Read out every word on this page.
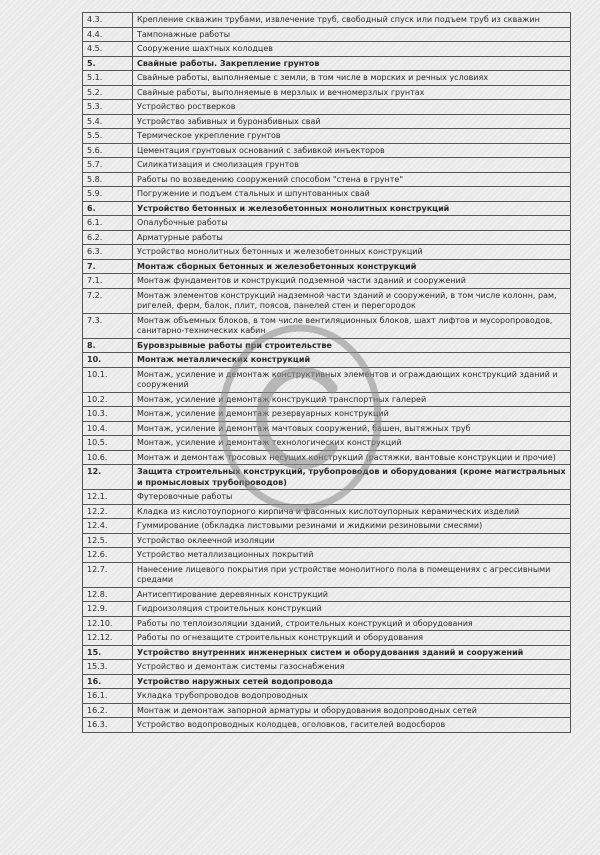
4.3.	Крепление скважин трубами, извлечение труб, свободный спуск или подъем труб из скважин
4.4.	Тампонажные работы
4.5.	Сооружение шахтных колодцев
5.	Свайные работы. Закрепление грунтов
5.1.	Свайные работы, выполняемые с земли, в том числе в морских и речных условиях
5.2.	Свайные работы, выполняемые в мерзлых и вечномерзлых грунтах
5.3.	Устройство ростверков
5.4.	Устройство забивных и буронабивных свай
5.5.	Термическое укрепление грунтов
5.6.	Цементация грунтовых оснований с забивкой инъекторов
5.7.	Силикатизация и смолизация грунтов
5.8.	Работы по возведению сооружений способом "стена в грунте"
5.9.	Погружение и подъем стальных и шпунтованных свай
6.	Устройство бетонных и железобетонных монолитных конструкций
6.1.	Опалубочные работы
6.2.	Арматурные работы
6.3.	Устройство монолитных бетонных и железобетонных конструкций
7.	Монтаж сборных бетонных и железобетонных конструкций
7.1.	Монтаж фундаментов и конструкций подземной части зданий и сооружений
7.2.	Монтаж элементов конструкций надземной части зданий и сооружений, в том числе колонн, рам, ригелей, ферм, балок, плит, поясов, панелей стен и перегородок
7.3.	Монтаж объемных блоков, в том числе вентиляционных блоков, шахт лифтов и мусоропроводов, санитарно-технических кабин
8.	Буровзрывные работы при строительстве
10.	Монтаж металлических конструкций
10.1.	Монтаж, усиление и демонтаж конструктивных элементов и ограждающих конструкций зданий и сооружений
10.2.	Монтаж, усиление и демонтаж конструкций транспортных галерей
10.3.	Монтаж, усиление и демонтаж резервуарных конструкций
10.4.	Монтаж, усиление и демонтаж мачтовых сооружений, башен, вытяжных труб
10.5.	Монтаж, усиление и демонтаж технологических конструкций
10.6.	Монтаж и демонтаж тросовых несущих конструкций (растяжки, вантовые конструкции и прочие)
12.	Защита строительных конструкций, трубопроводов и оборудования (кроме магистральных и промысловых трубопроводов)
12.1.	Футеровочные работы
12.2.	Кладка из кислотоупорного кирпича и фасонных кислотоупорных керамических изделий
12.4.	Гуммирование (обкладка листовыми резинами и жидкими резиновыми смесями)
12.5.	Устройство оклеечной изоляции
12.6.	Устройство металлизационных покрытий
12.7.	Нанесение лицевого покрытия при устройстве монолитного пола в помещениях с агрессивными средами
12.8.	Антисептирование деревянных конструкций
12.9.	Гидроизоляция строительных конструкций
12.10.	Работы по теплоизоляции зданий, строительных конструкций и оборудования
12.12.	Работы по огнезащите строительных конструкций и оборудования
15.	Устройство внутренних инженерных систем и оборудования зданий и сооружений
15.3.	Устройство и демонтаж системы газоснабжения
16.	Устройство наружных сетей водопровода
16.1.	Укладка трубопроводов водопроводных
16.2.	Монтаж и демонтаж запорной арматуры и оборудования водопроводных сетей
16.3.	Устройство водопроводных колодцев, оголовков, гасителей водосборов
